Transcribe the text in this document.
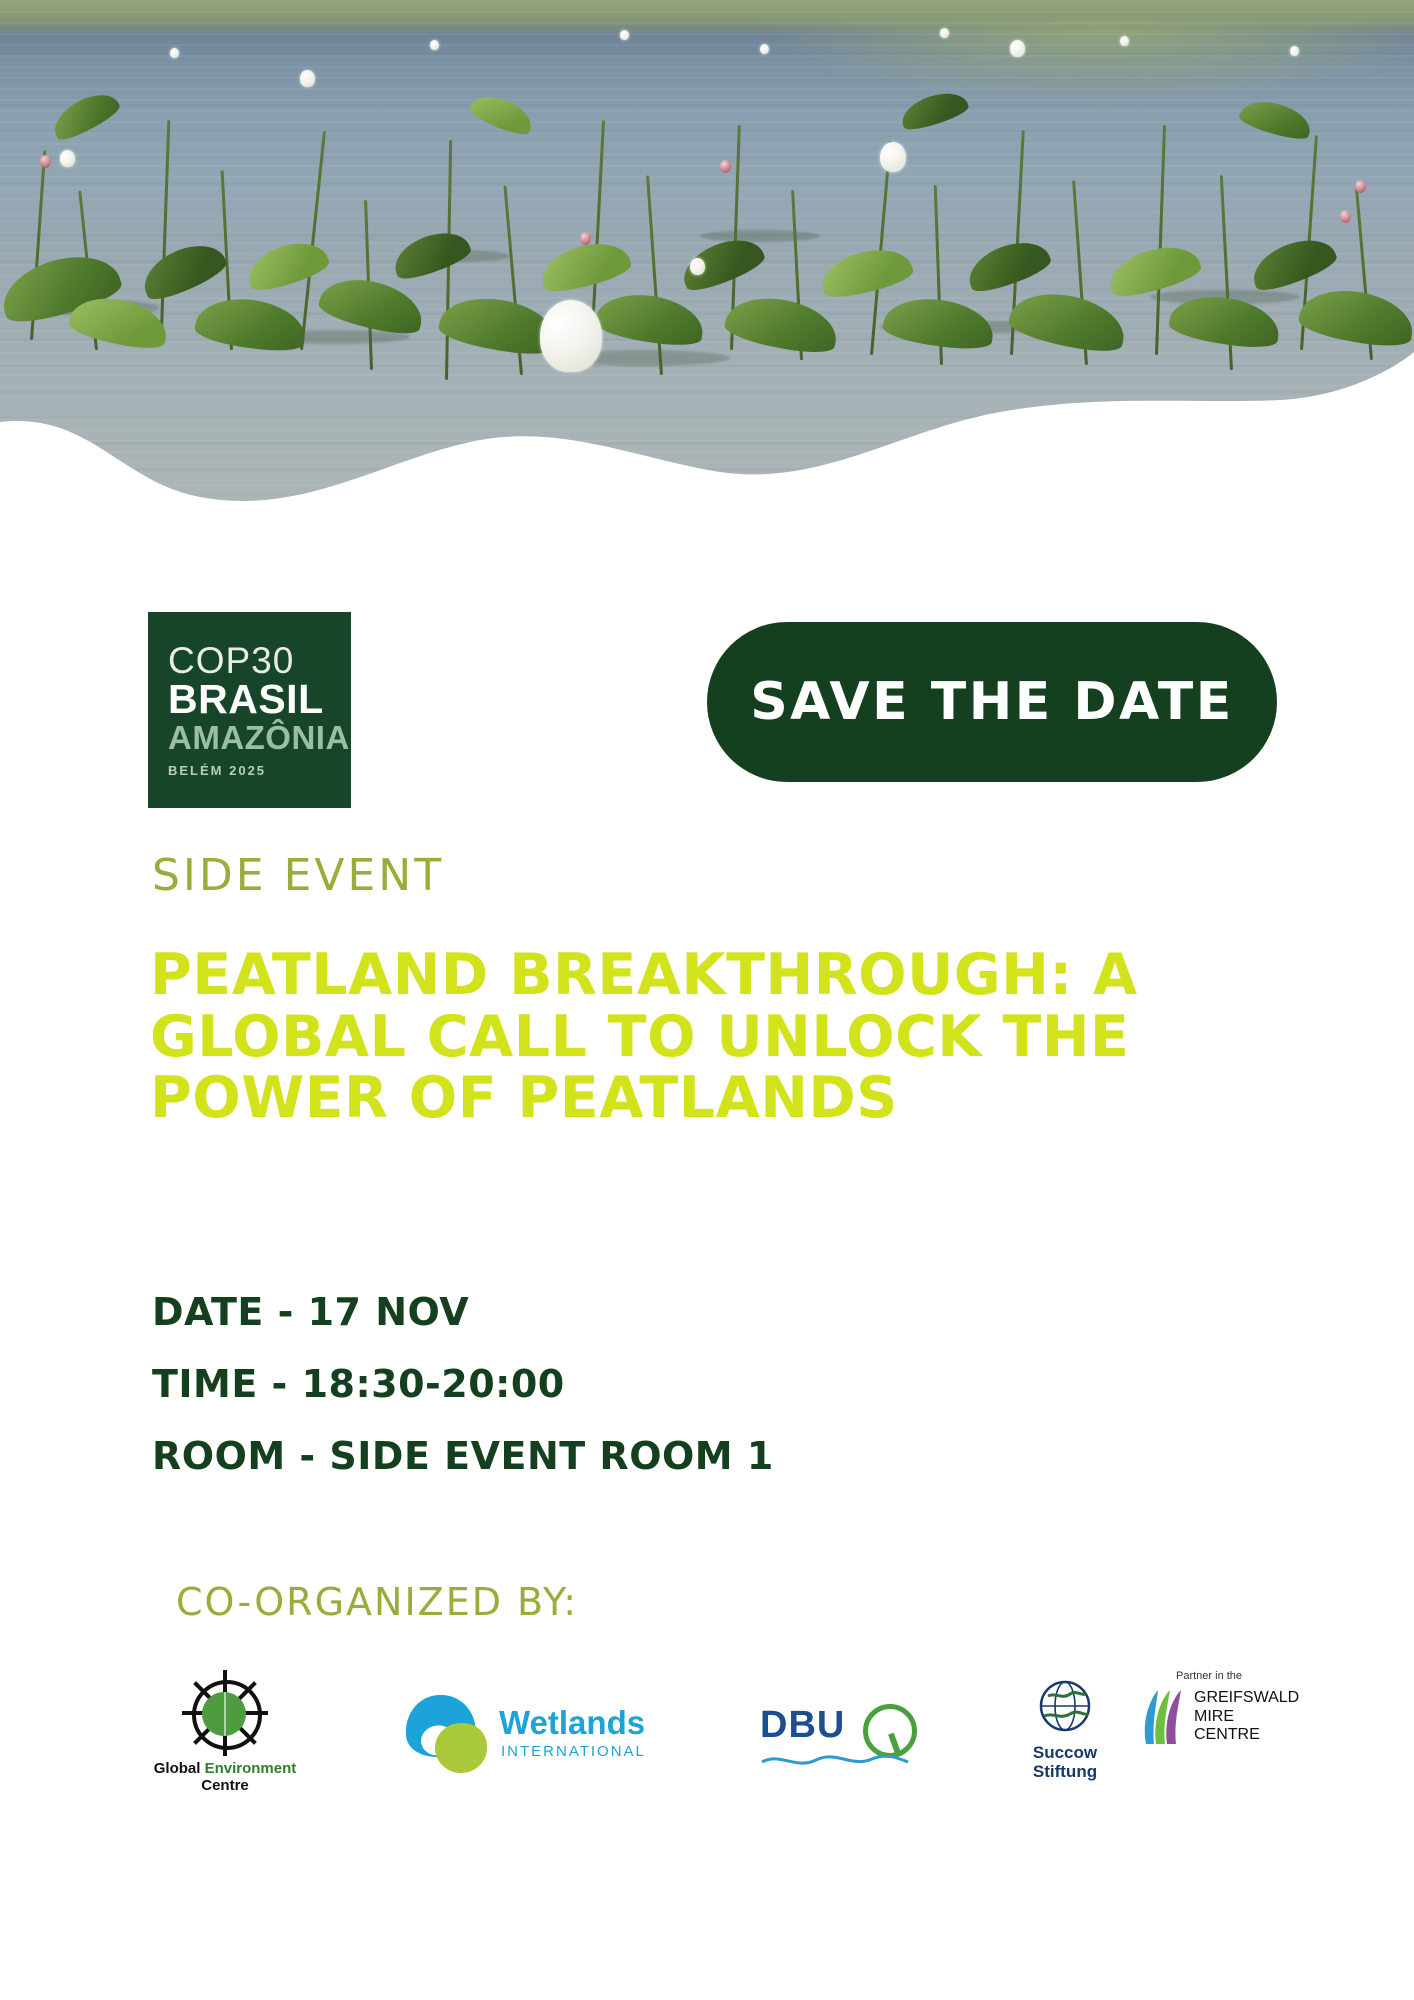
COP30
BRASIL
AMAZÔNIA
BELÉM 2025
SAVE THE DATE
SIDE EVENT
PEATLAND BREAKTHROUGH: A GLOBAL CALL TO UNLOCK THE POWER OF PEATLANDS
DATE - 17 NOV
TIME - 18:30-20:00
ROOM - SIDE EVENT ROOM 1
CO-ORGANIZED BY:
Global Environment
Centre
Wetlands
INTERNATIONAL
DBU
Succow
Stiftung
Partner in the
GREIFSWALD
MIRE
CENTRE
